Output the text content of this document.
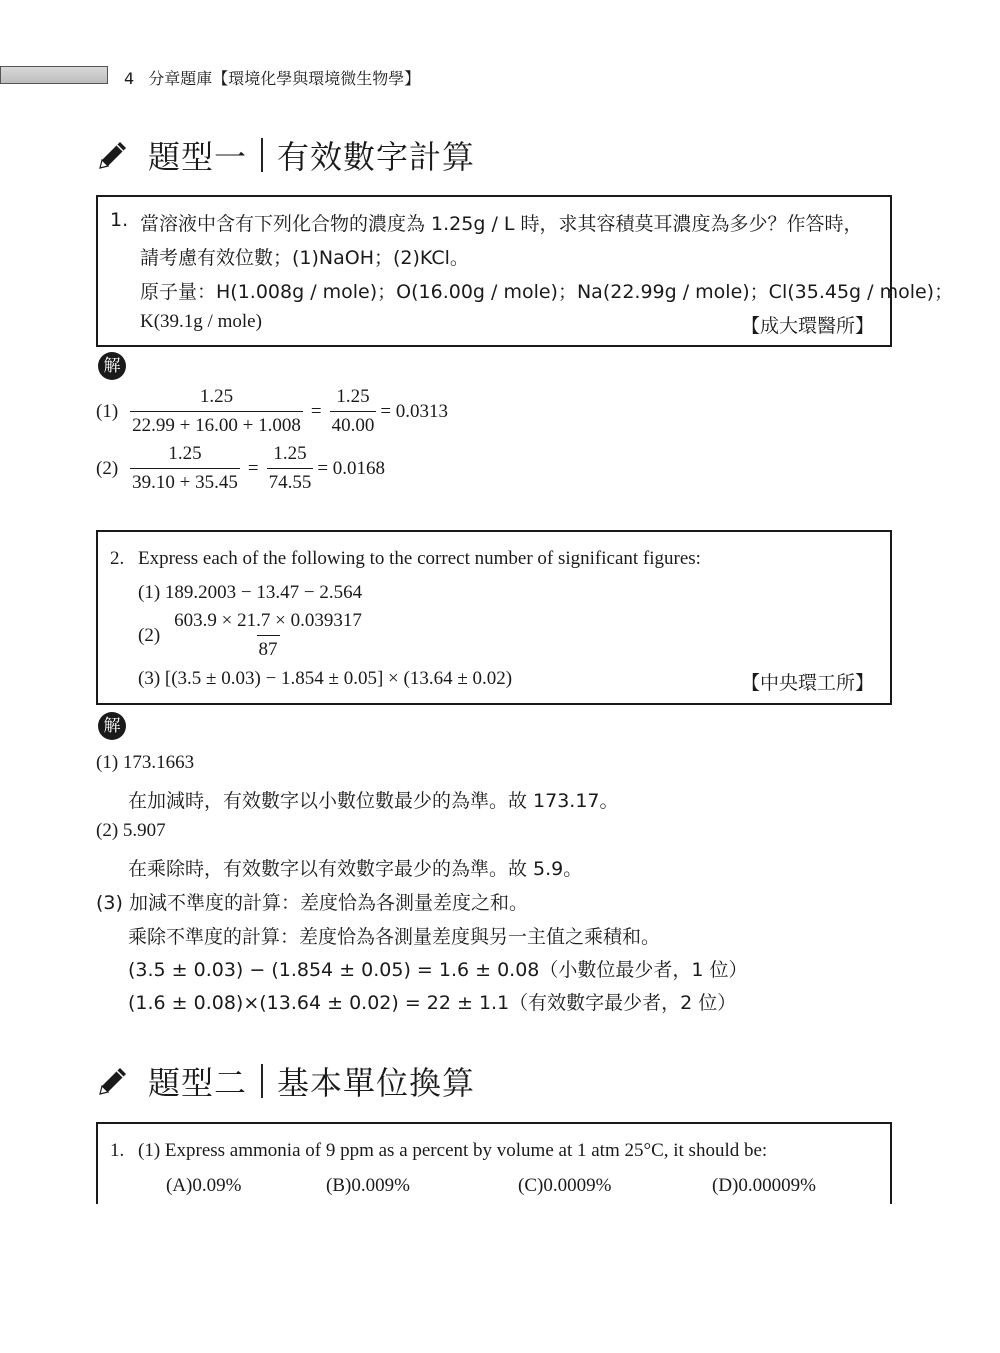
4 分章題庫【環境化學與環境微生物學】
題型一 有效數字計算
1. 當溶液中含有下列化合物的濃度為 1.25g / L 時，求其容積莫耳濃度為多少？作答時，
請考慮有效位數；(1)NaOH；(2)KCl。
原子量：H(1.008g / mole)；O(16.00g / mole)；Na(22.99g / mole)；Cl(35.45g / mole)；
K(39.1g / mole)	【成大環醫所】
解
$(1) \frac{1.25}{22.99 + 16.00 + 1.008} = \frac{1.25}{40.00} = 0.0313$
$(2) \frac{1.25}{39.10 + 35.45} = \frac{1.25}{74.55} = 0.0168$
2. Express each of the following to the correct number of significant figures:
(1) 189.2003 − 13.47 − 2.564
$(2) \frac{603.9 \times 21.7 \times 0.039317}{87}$
(3) [(3.5 ± 0.03) − 1.854 ± 0.05] × (13.64 ± 0.02)	【中央環工所】
解
(1) 173.1663
在加減時，有效數字以小數位數最少的為準。故 173.17。
(2) 5.907
在乘除時，有效數字以有效數字最少的為準。故 5.9。
(3) 加減不準度的計算：差度恰為各測量差度之和。
乘除不準度的計算：差度恰為各測量差度與另一主值之乘積和。
(3.5 ± 0.03) − (1.854 ± 0.05) = 1.6 ± 0.08（小數位最少者，1 位）
(1.6 ± 0.08)×(13.64 ± 0.02) = 22 ± 1.1（有效數字最少者，2 位）
題型二 基本單位換算
1. (1) Express ammonia of 9 ppm as a percent by volume at 1 atm 25°C, it should be:
(A)0.09%	(B)0.009%	(C)0.0009%	(D)0.00009%
